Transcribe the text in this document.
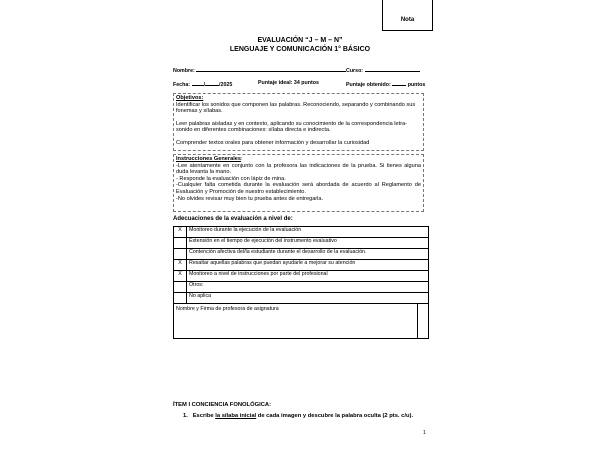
Nota
EVALUACIÓN “J – M – N”
LENGUAJE Y COMUNICACIÓN 1° BÁSICO
Nombre:	Curso:
Fecha:	/	/2025	Puntaje ideal: 34 puntos	Puntaje obtenido:	puntos

Objetivos:

Identificar los sonidos que componen las palabras. Reconociendo, separando y combinando sus fonemas y sílabas.

Leer palabras aisladas y en contexto, aplicando su conocimiento de la correspondencia letra-sonido en diferentes combinaciones: sílaba directa e indirecta.

Comprender textos orales para obtener información y desarrollar la curiosidad

Instrucciones Generales:

-Lee atentamente en conjunto con la profesora las indicaciones de la prueba. Si tienes alguna duda levanta la mano.

- Responde la evaluación con lápiz de mina.

-Cualquier falta cometida durante la evaluación será abordada de acuerdo al Reglamento de Evaluación y Promoción de nuestro establecimiento.

-No olvides revisar muy bien tu prueba antes de entregarla.

Adecuaciones de la evaluación a nivel de:
X	Monitoreo durante la ejecución de la evaluación	
	Extensión en el tiempo de ejecución del instrumento evaluativo	
	Contención afectiva del/la estudiante durante el desarrollo de la evaluación.	
X	Resaltar aquellas palabras que puedan ayudarle a mejorar su atención	
X	Monitoreo a nivel de instrucciones por parte del profesional	
	Otros:	
	No aplica	
Nombre y Firma de profesora de asignatura		
ÍTEM I CONCIENCIA FONOLÓGICA:
1. Escribe la sílaba inicial de cada imagen y descubre la palabra oculta (2 pts. c/u).
1
